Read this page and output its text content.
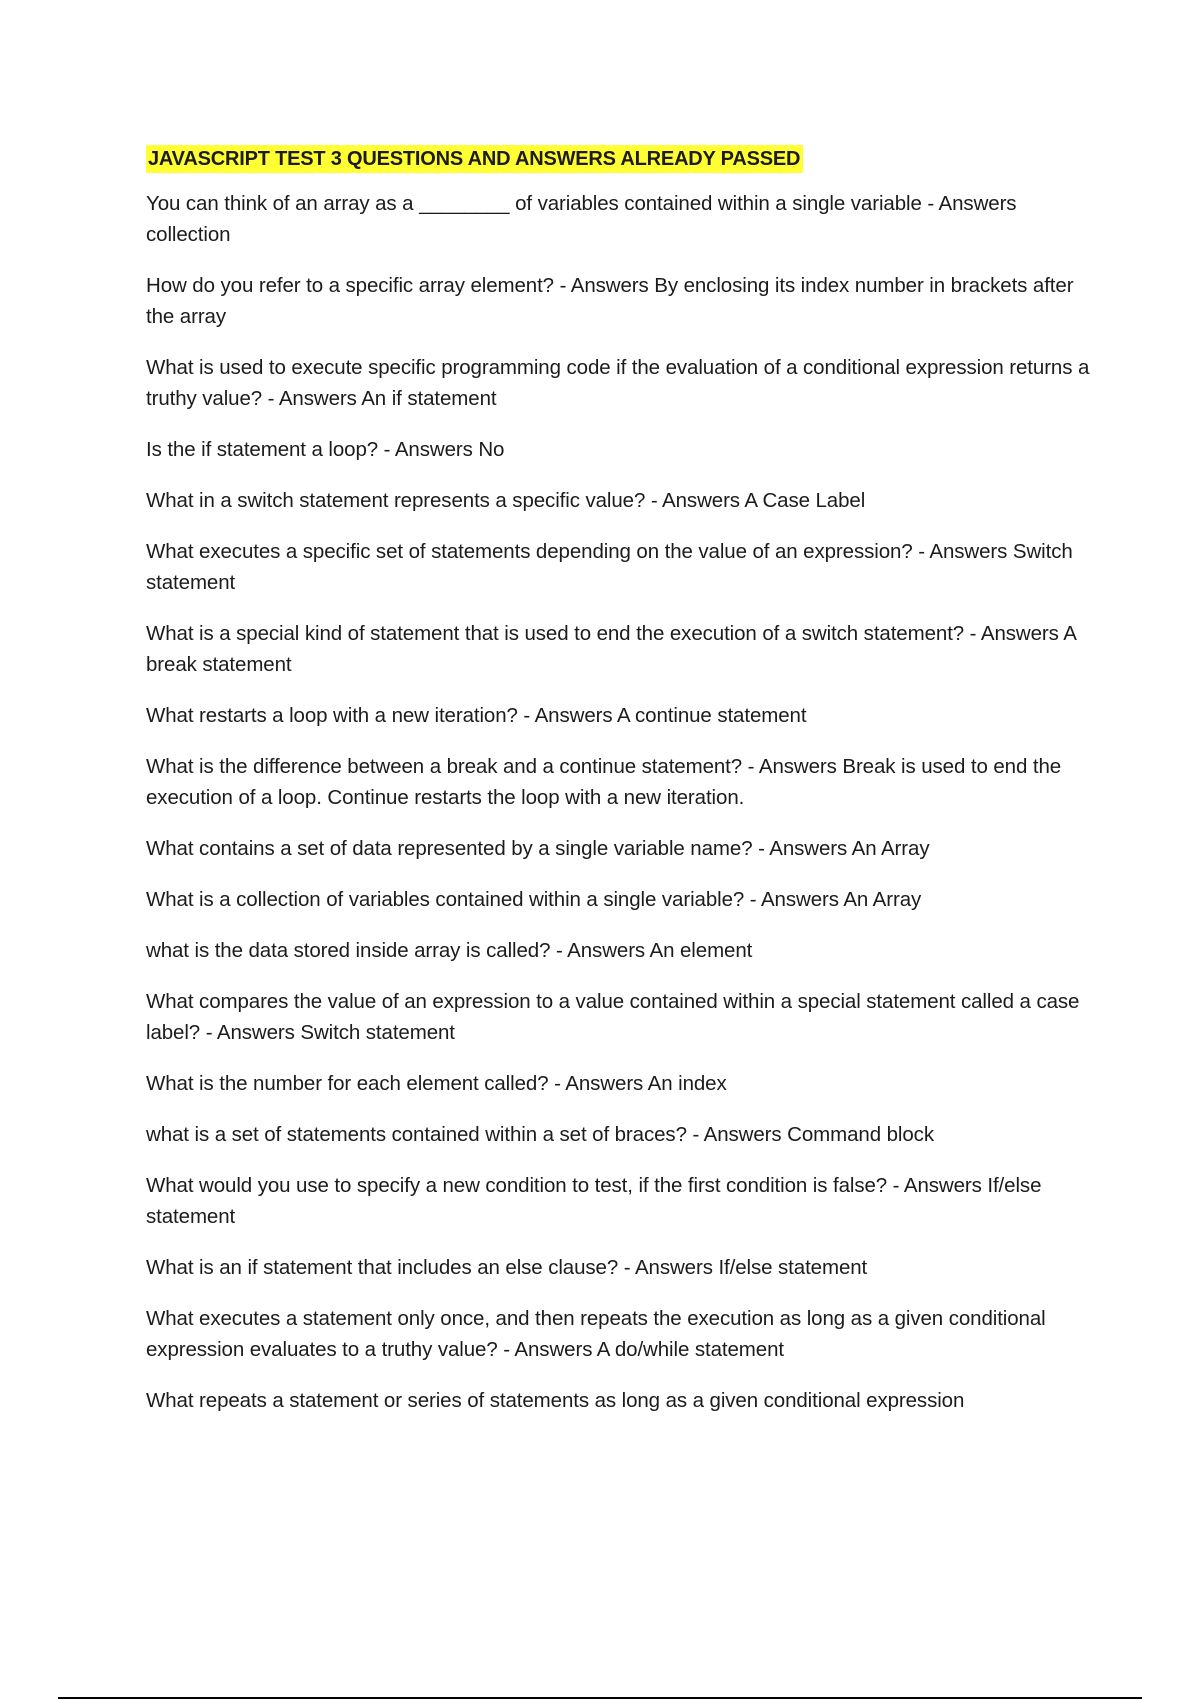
JAVASCRIPT TEST 3 QUESTIONS AND ANSWERS ALREADY PASSED

You can think of an array as a ________ of variables contained within a single variable - Answers collection

How do you refer to a specific array element? - Answers By enclosing its index number in brackets after the array

What is used to execute specific programming code if the evaluation of a conditional expression returns a truthy value? - Answers An if statement

Is the if statement a loop? - Answers No

What in a switch statement represents a specific value? - Answers A Case Label

What executes a specific set of statements depending on the value of an expression? - Answers Switch statement

What is a special kind of statement that is used to end the execution of a switch statement? - Answers A break statement

What restarts a loop with a new iteration? - Answers A continue statement

What is the difference between a break and a continue statement? - Answers Break is used to end the execution of a loop. Continue restarts the loop with a new iteration.

What contains a set of data represented by a single variable name? - Answers An Array

What is a collection of variables contained within a single variable? - Answers An Array

what is the data stored inside array is called? - Answers An element

What compares the value of an expression to a value contained within a special statement called a case label? - Answers Switch statement

What is the number for each element called? - Answers An index

what is a set of statements contained within a set of braces? - Answers Command block

What would you use to specify a new condition to test, if the first condition is false? - Answers If/else statement

What is an if statement that includes an else clause? - Answers If/else statement

What executes a statement only once, and then repeats the execution as long as a given conditional expression evaluates to a truthy value? - Answers A do/while statement

What repeats a statement or series of statements as long as a given conditional expression
